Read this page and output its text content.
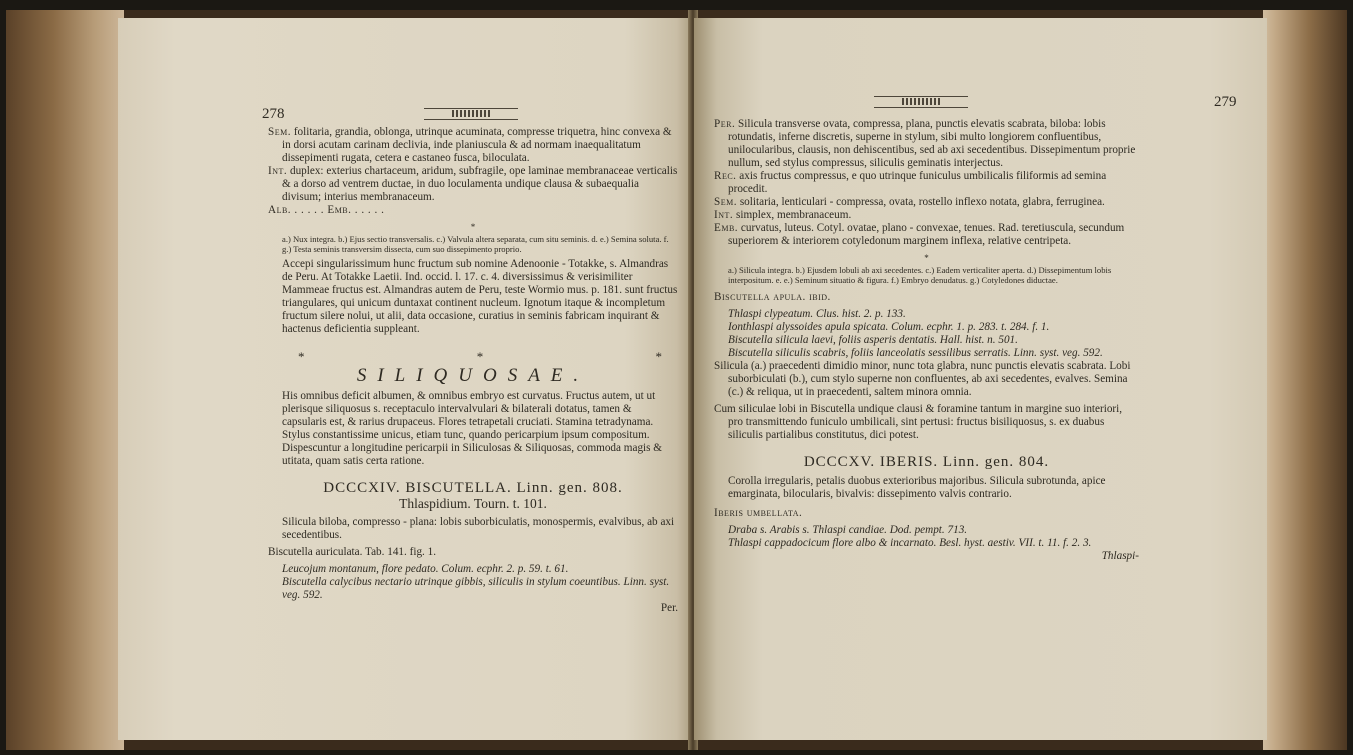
278

Sem. folitaria, grandia, oblonga, utrinque acuminata, compresse triquetra, hinc convexa & in dorsi acutam carinam declivia, inde planiuscula & ad normam inaequalitatum dissepimenti rugata, cetera e castaneo fusca, biloculata.

Int. duplex: exterius chartaceum, aridum, subfragile, ope laminae membranaceae verticalis & a dorso ad ventrem ductae, in duo loculamenta undique clausa & subaequalia divisum; interius membranaceum.

Alb. . . . . . Emb. . . . . .

*

a.) Nux integra. b.) Ejus sectio transversalis. c.) Valvula altera separata, cum situ seminis. d. e.) Semina soluta. f. g.) Testa seminis transversim dissecta, cum suo dissepimento proprio.

Accepi singularissimum hunc fructum sub nomine Adenoonie - Totakke, s. Almandras de Peru. At Totakke Laetii. Ind. occid. l. 17. c. 4. diversissimus & verisimiliter Mammeae fructus est. Almandras autem de Peru, teste Wormio mus. p. 181. sunt fructus triangulares, qui unicum duntaxat continent nucleum. Ignotum itaque & incompletum fructum silere nolui, ut alii, data occasione, curatius in seminis fabricam inquirant & hactenus deficientia suppleant.

*	*	*

SILIQUOSAE.

His omnibus deficit albumen, & omnibus embryo est curvatus. Fructus autem, ut ut plerisque siliquosus s. receptaculo intervalvulari & bilaterali dotatus, tamen & capsularis est, & rarius drupaceus. Flores tetrapetali cruciati. Stamina tetradynama. Stylus constantissime unicus, etiam tunc, quando pericarpium ipsum compositum. Dispescuntur a longitudine pericarpii in Siliculosas & Siliquosas, commoda magis & utitata, quam satis certa ratione.

DCCCXIV. BISCUTELLA. Linn. gen. 808.

Thlaspidium. Tourn. t. 101.

Silicula biloba, compresso - plana: lobis suborbiculatis, monospermis, evalvibus, ab axi secedentibus.

Biscutella auriculata. Tab. 141. fig. 1.

Leucojum montanum, flore pedato. Colum. ecphr. 2. p. 59. t. 61.

Biscutella calycibus nectario utrinque gibbis, siliculis in stylum coeuntibus. Linn. syst. veg. 592.

Per.

279

Per. Silicula transverse ovata, compressa, plana, punctis elevatis scabrata, biloba: lobis rotundatis, inferne discretis, superne in stylum, sibi multo longiorem confluentibus, unilocularibus, clausis, non dehiscentibus, sed ab axi secedentibus. Dissepimentum proprie nullum, sed stylus compressus, siliculis geminatis interjectus.

Rec. axis fructus compressus, e quo utrinque funiculus umbilicalis filiformis ad semina procedit.

Sem. solitaria, lenticulari - compressa, ovata, rostello inflexo notata, glabra, ferruginea.

Int. simplex, membranaceum.

Emb. curvatus, luteus. Cotyl. ovatae, plano - convexae, tenues. Rad. teretiuscula, secundum superiorem & interiorem cotyledonum marginem inflexa, relative centripeta.

*

a.) Silicula integra. b.) Ejusdem lobuli ab axi secedentes. c.) Eadem verticaliter aperta. d.) Dissepimentum lobis interpositum. e. e.) Seminum situatio & figura. f.) Embryo denudatus. g.) Cotyledones diductae.

Biscutella apula. ibid.

Thlaspi clypeatum. Clus. hist. 2. p. 133.

Ionthlaspi alyssoides apula spicata. Colum. ecphr. 1. p. 283. t. 284. f. 1.

Biscutella silicula laevi, foliis asperis dentatis. Hall. hist. n. 501.

Biscutella siliculis scabris, foliis lanceolatis sessilibus serratis. Linn. syst. veg. 592.

Silicula (a.) praecedenti dimidio minor, nunc tota glabra, nunc punctis elevatis scabrata. Lobi suborbiculati (b.), cum stylo superne non confluentes, ab axi secedentes, evalves. Semina (c.) & reliqua, ut in praecedenti, saltem minora omnia.

Cum siliculae lobi in Biscutella undique clausi & foramine tantum in margine suo interiori, pro transmittendo funiculo umbilicali, sint pertusi: fructus bisiliquosus, s. ex duabus siliculis partialibus constitutus, dici potest.

DCCCXV. IBERIS. Linn. gen. 804.

Corolla irregularis, petalis duobus exterioribus majoribus. Silicula subrotunda, apice emarginata, bilocularis, bivalvis: dissepimento valvis contrario.

Iberis umbellata.

Draba s. Arabis s. Thlaspi candiae. Dod. pempt. 713.

Thlaspi cappadocicum flore albo & incarnato. Besl. hyst. aestiv. VII. t. 11. f. 2. 3.

Thlaspi-
